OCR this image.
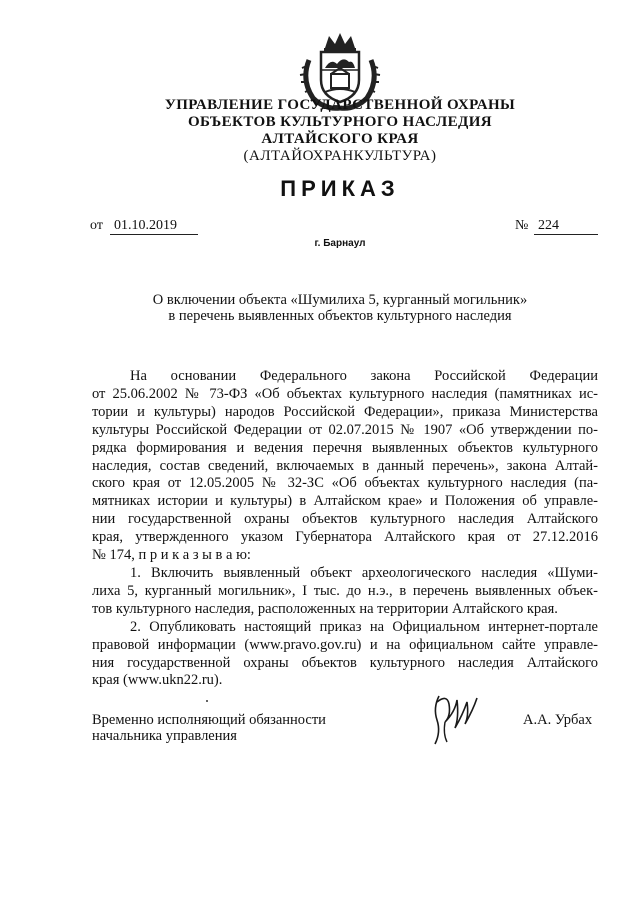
УПРАВЛЕНИЕ ГОСУДАРСТВЕННОЙ ОХРАНЫ
ОБЪЕКТОВ КУЛЬТУРНОГО НАСЛЕДИЯ
АЛТАЙСКОГО КРАЯ
(АЛТАЙОХРАНКУЛЬТУРА)
ПРИКАЗ
от 01.10.2019	№ 224
г. Барнаул
О включении объекта «Шумилиха 5, курганный могильник»
в перечень выявленных объектов культурного наследия

На основании Федерального закона Российской Федерации

от 25.06.2002 № 73-ФЗ «Об объектах культурного наследия (памятниках ис-

тории и культуры) народов Российской Федерации», приказа Министерства

культуры Российской Федерации от 02.07.2015 № 1907 «Об утверждении по-

рядка формирования и ведения перечня выявленных объектов культурного

наследия, состав сведений, включаемых в данный перечень», закона Алтай-

ского края от 12.05.2005 № 32-ЗС «Об объектах культурного наследия (па-

мятниках истории и культуры) в Алтайском крае» и Положения об управле-

нии государственной охраны объектов культурного наследия Алтайского

края, утвержденного указом Губернатора Алтайского края от 27.12.2016

№ 174, п р и к а з ы в а ю:

1. Включить выявленный объект археологического наследия «Шуми-

лиха 5, курганный могильник», I тыс. до н.э., в перечень выявленных объек-

тов культурного наследия, расположенных на территории Алтайского края.

2. Опубликовать настоящий приказ на Официальном интернет-портале

правовой информации (www.pravo.gov.ru) и на официальном сайте управле-

ния государственной охраны объектов культурного наследия Алтайского

края (www.ukn22.ru).

Временно исполняющий обязанности
начальника управления
А.А. Урбах
